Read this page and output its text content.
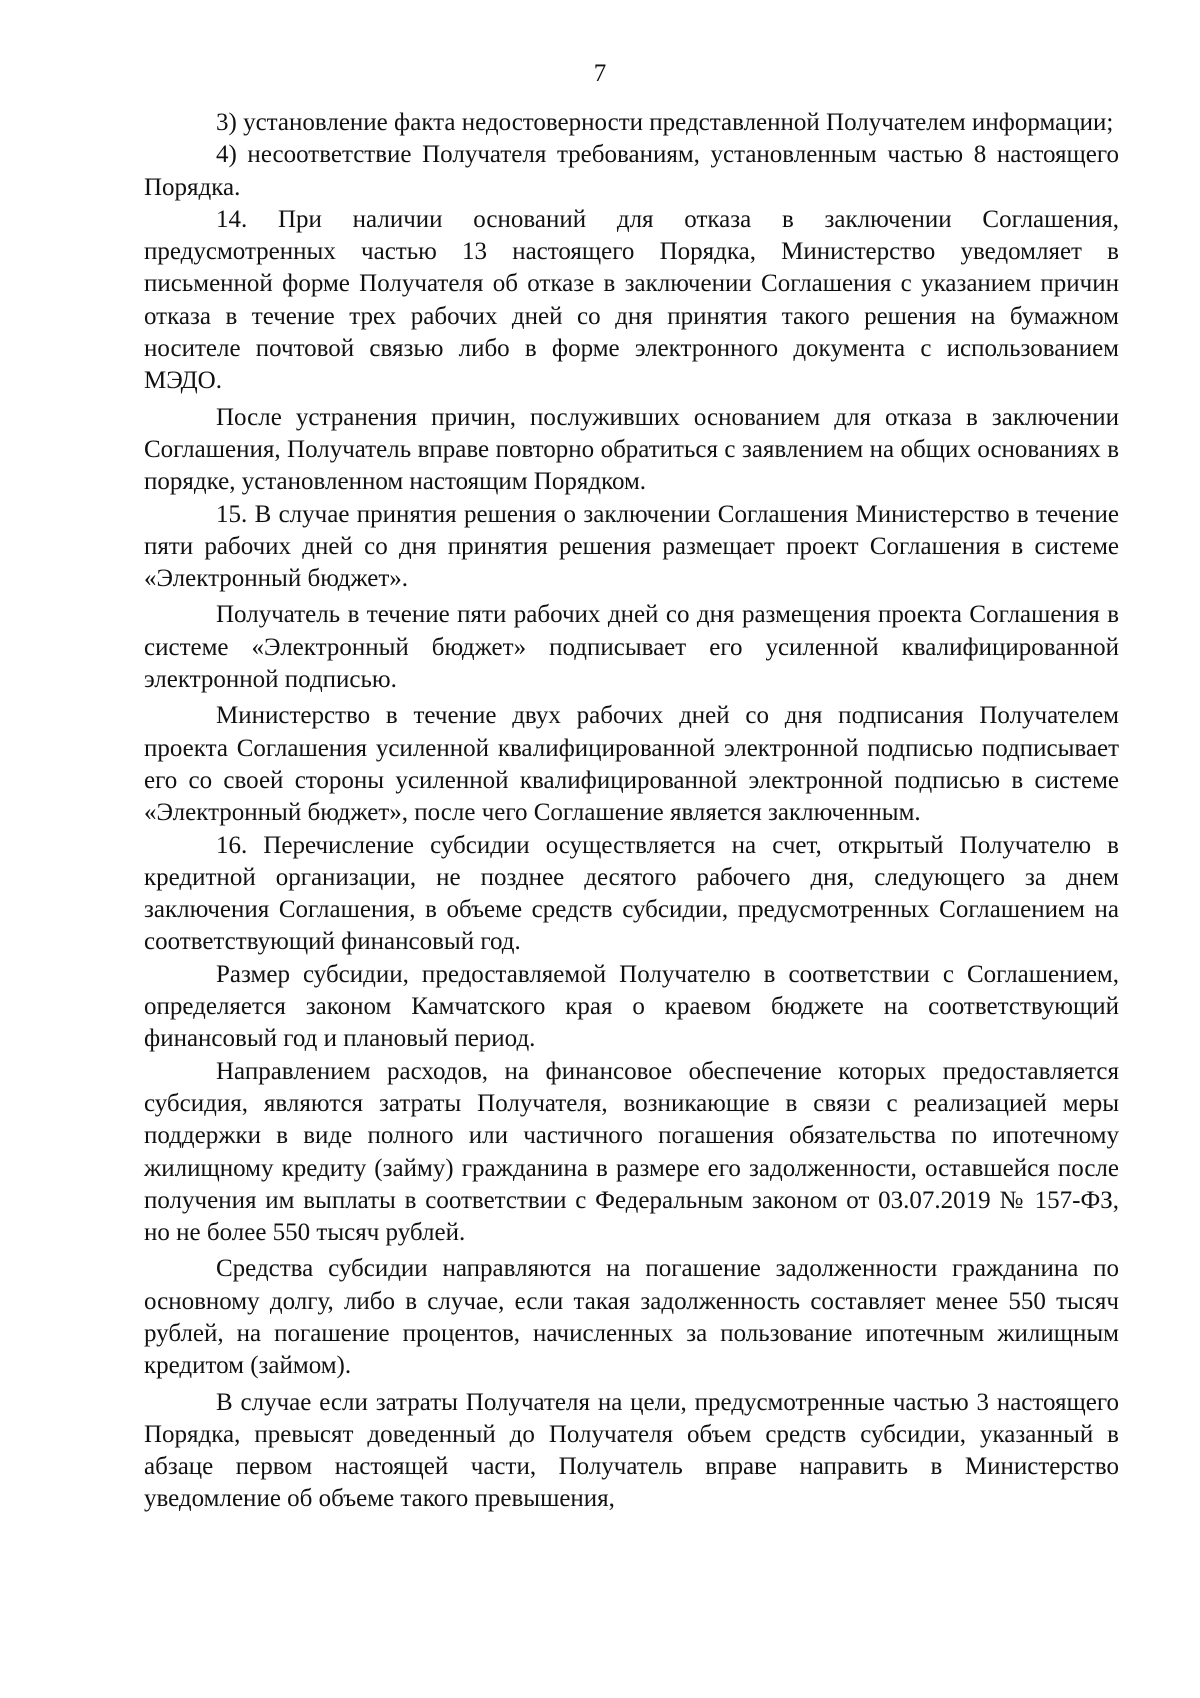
7

3) установление факта недостоверности представленной Получателем информации;

4) несоответствие Получателя требованиям, установленным частью 8 настоящего Порядка.

14. При наличии оснований для отказа в заключении Соглашения, предусмотренных частью 13 настоящего Порядка, Министерство уведомляет в письменной форме Получателя об отказе в заключении Соглашения с указанием причин отказа в течение трех рабочих дней со дня принятия такого решения на бумажном носителе почтовой связью либо в форме электронного документа с использованием МЭДО.

После устранения причин, послуживших основанием для отказа в заключении Соглашения, Получатель вправе повторно обратиться с заявлением на общих основаниях в порядке, установленном настоящим Порядком.

15. В случае принятия решения о заключении Соглашения Министерство в течение пяти рабочих дней со дня принятия решения размещает проект Соглашения в системе «Электронный бюджет».

Получатель в течение пяти рабочих дней со дня размещения проекта Соглашения в системе «Электронный бюджет» подписывает его усиленной квалифицированной электронной подписью.

Министерство в течение двух рабочих дней со дня подписания Получателем проекта Соглашения усиленной квалифицированной электронной подписью подписывает его со своей стороны усиленной квалифицированной электронной подписью в системе «Электронный бюджет», после чего Соглашение является заключенным.

16. Перечисление субсидии осуществляется на счет, открытый Получателю в кредитной организации, не позднее десятого рабочего дня, следующего за днем заключения Соглашения, в объеме средств субсидии, предусмотренных Соглашением на соответствующий финансовый год.

Размер субсидии, предоставляемой Получателю в соответствии с Соглашением, определяется законом Камчатского края о краевом бюджете на соответствующий финансовый год и плановый период.

Направлением расходов, на финансовое обеспечение которых предоставляется субсидия, являются затраты Получателя, возникающие в связи с реализацией меры поддержки в виде полного или частичного погашения обязательства по ипотечному жилищному кредиту (займу) гражданина в размере его задолженности, оставшейся после получения им выплаты в соответствии с Федеральным законом от 03.07.2019 № 157-ФЗ, но не более 550 тысяч рублей.

Средства субсидии направляются на погашение задолженности гражданина по основному долгу, либо в случае, если такая задолженность составляет менее 550 тысяч рублей, на погашение процентов, начисленных за пользование ипотечным жилищным кредитом (займом).

В случае если затраты Получателя на цели, предусмотренные частью 3 настоящего Порядка, превысят доведенный до Получателя объем средств субсидии, указанный в абзаце первом настоящей части, Получатель вправе направить в Министерство уведомление об объеме такого превышения,
